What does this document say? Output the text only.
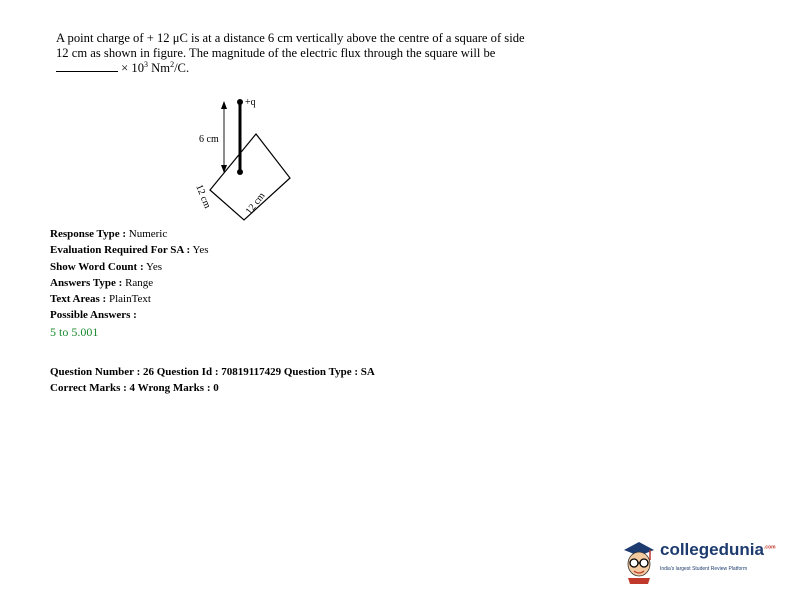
A point charge of + 12 μC is at a distance 6 cm vertically above the centre of a square of side
12 cm as shown in figure. The magnitude of the electric flux through the square will be
× $10^3$ $Nm^2/C$.
+q
6 cm
12 cm	12 cm
Response Type : Numeric
Evaluation Required For SA : Yes
Show Word Count : Yes
Answers Type : Range
Text Areas : PlainText
Possible Answers :
5 to 5.001
Question Number : 26 Question Id : 70819117429 Question Type : SA
Correct Marks : 4 Wrong Marks : 0
collegedunia$^{.com}$
India's largest Student Review Platform
